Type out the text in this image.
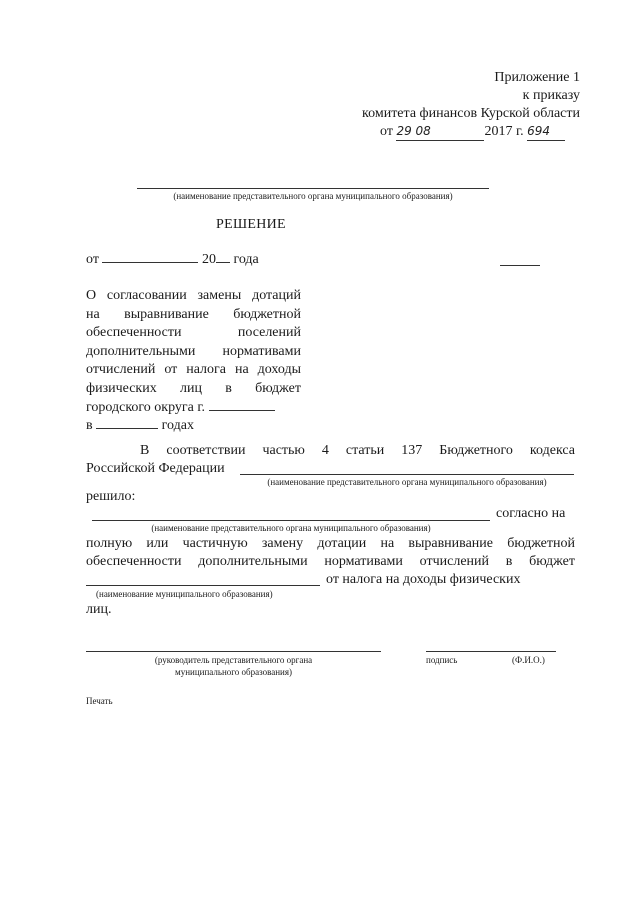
Приложение 1
к приказу
комитета финансов Курской области
от 29 08	2017 г. 694
(наименование представительного органа муниципального образования)
РЕШЕНИЕ
от	20 года
О согласовании замены дотаций
на выравнивание бюджетной
обеспеченности поселений
дополнительными нормативами
отчислений от налога на доходы
физических лиц в бюджет
городского округа г.
в	годах
В соответствии частью 4 статьи 137 Бюджетного кодекса
Российской Федерации
(наименование представительного органа муниципального образования)
решило:
согласно на
(наименование представительного органа муниципального образования)
полную или частичную замену дотации на выравнивание бюджетной
обеспеченности дополнительными нормативами отчислений в бюджет
от налога на доходы физических
(наименование муниципального образования)
лиц.
(руководитель представительного органа
муниципального образования)
подпись	(Ф.И.О.)
Печать
